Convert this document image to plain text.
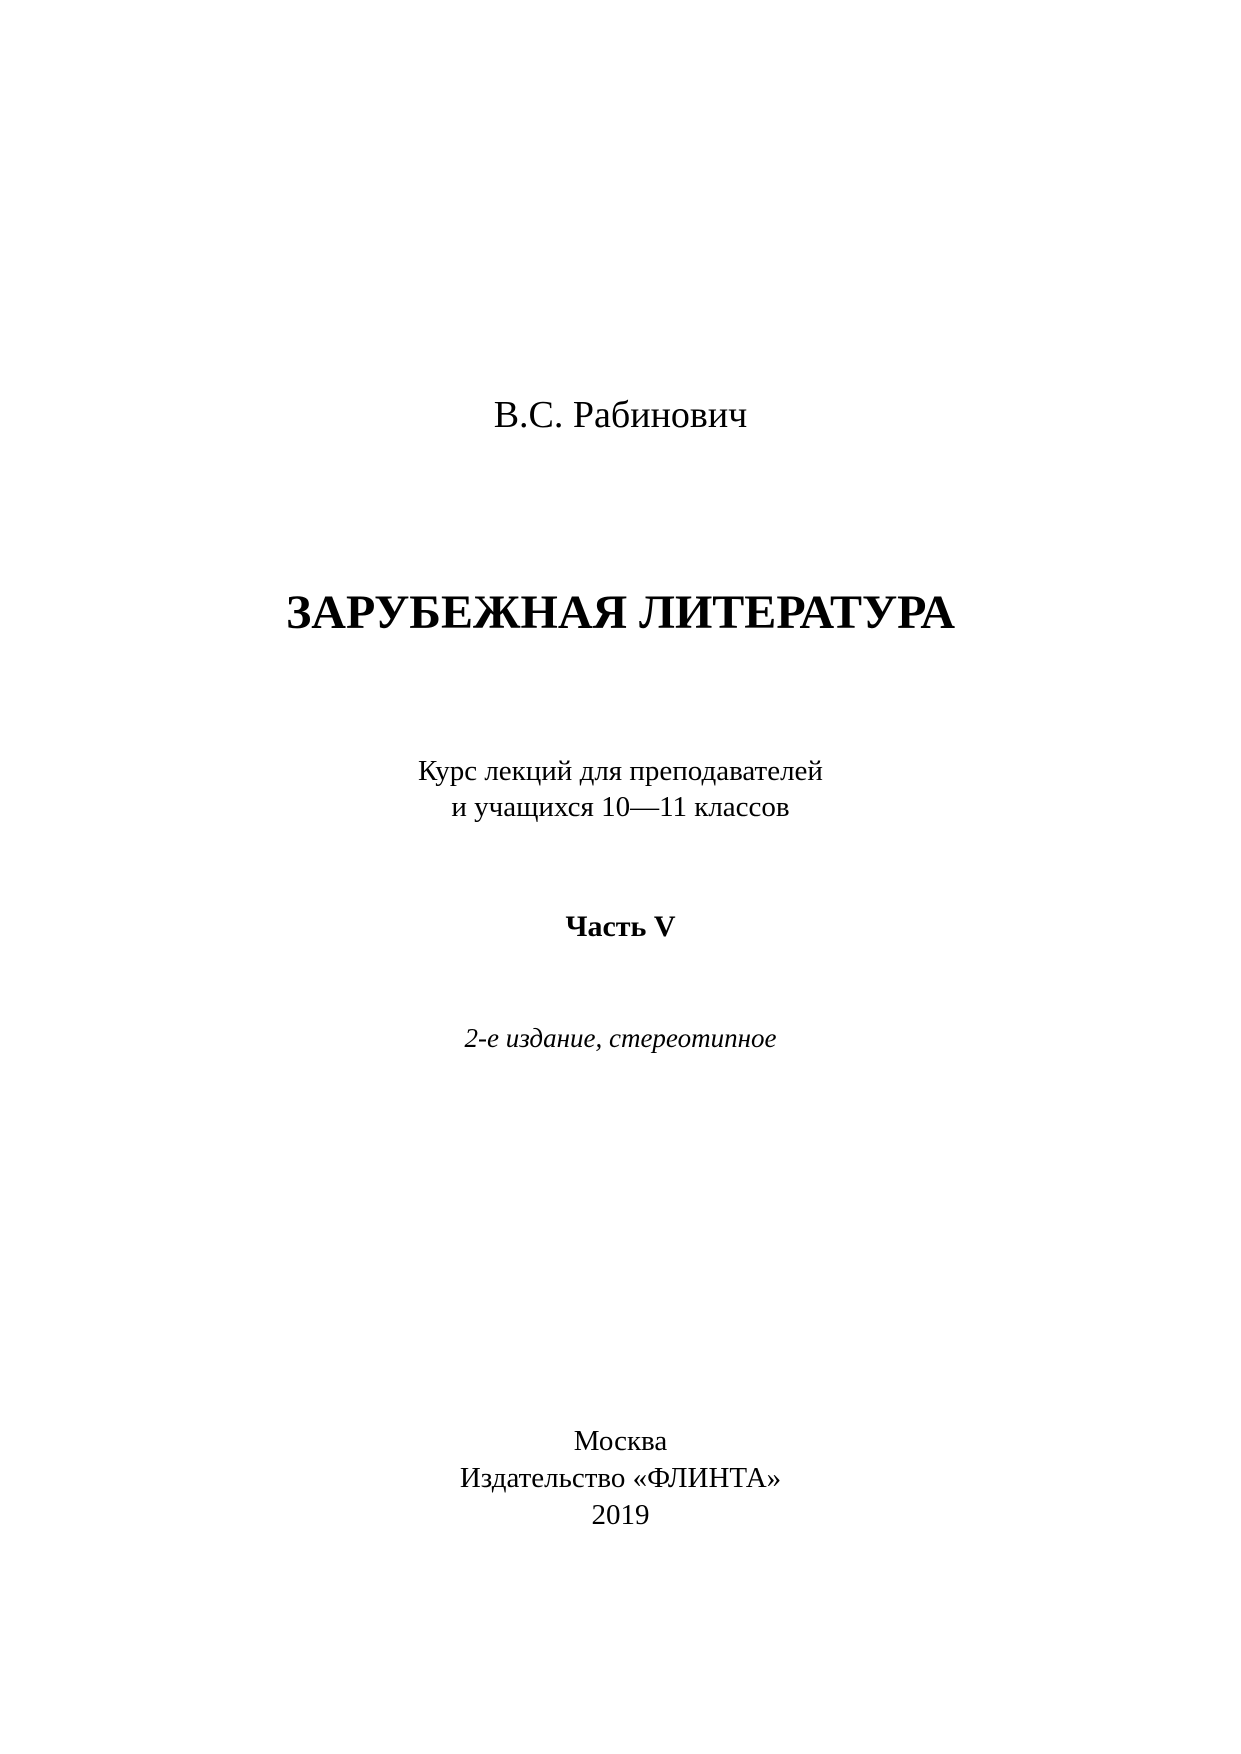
В.С. Рабинович
ЗАРУБЕЖНАЯ ЛИТЕРАТУРА
Курс лекций для преподавателей
и учащихся 10—11 классов
Часть V
2-е издание, стереотипное
Москва
Издательство «ФЛИНТА»
2019
